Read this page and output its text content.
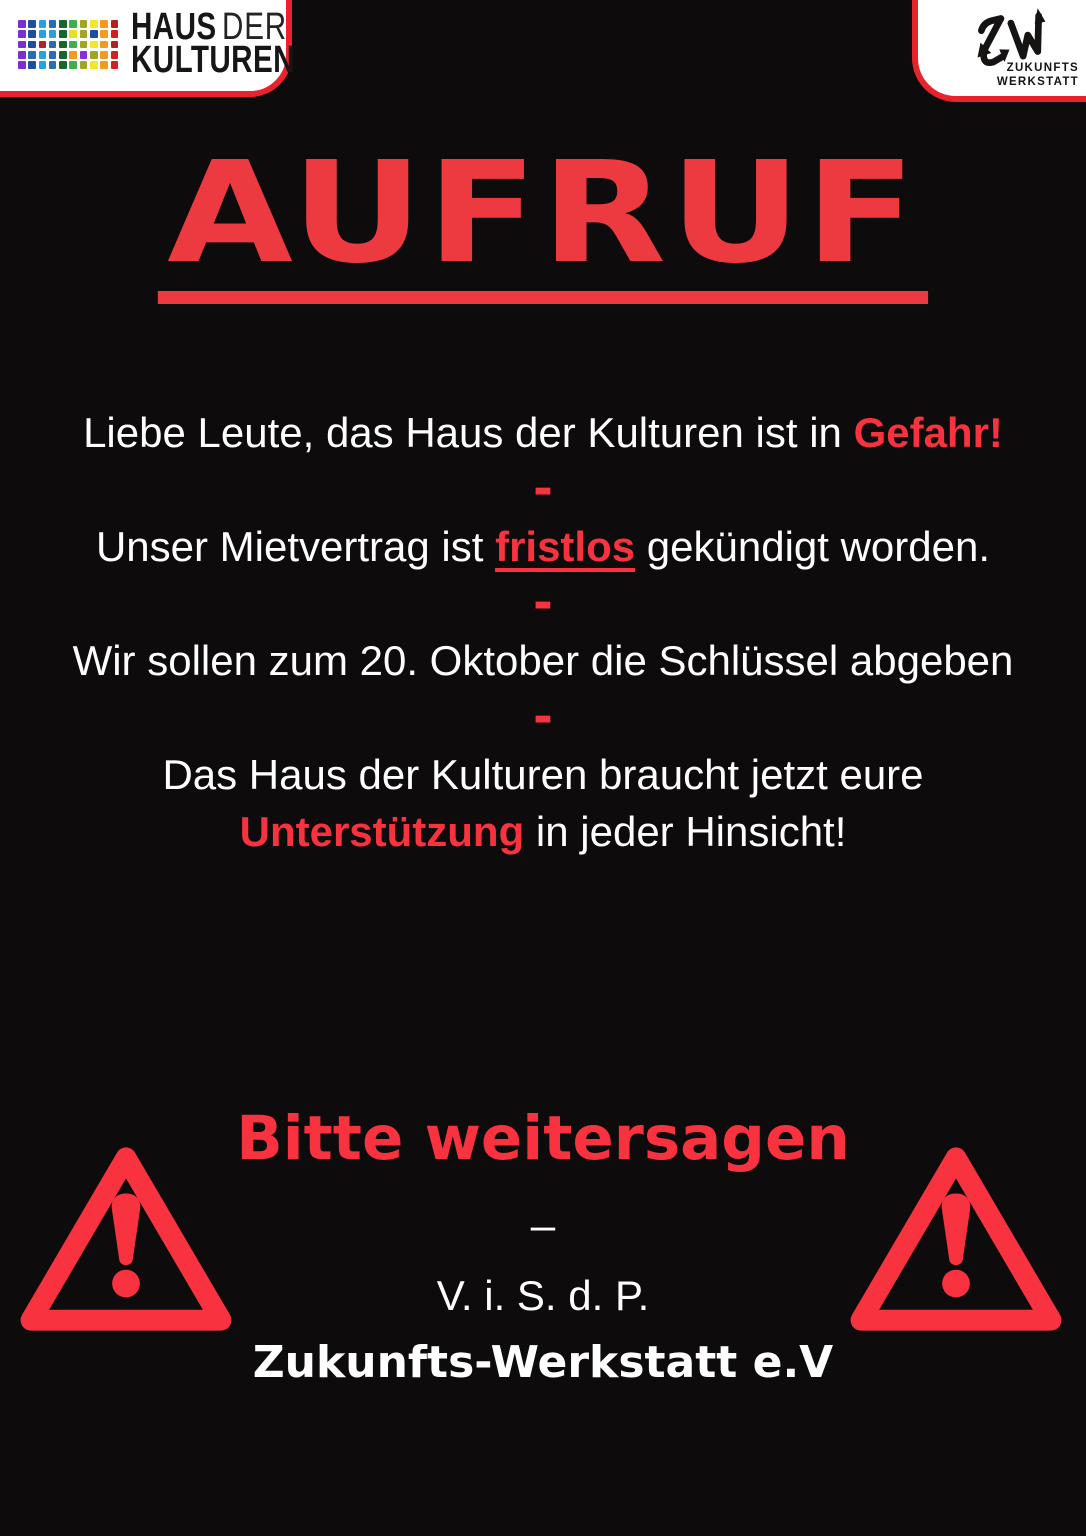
HAUS DER
KULTUREN	ZUKUNFTS
WERKSTATT
AUFRUF

Liebe Leute, das Haus der Kulturen ist in Gefahr!

-

Unser Mietvertrag ist fristlos gekündigt worden.

-

Wir sollen zum 20. Oktober die Schlüssel abgeben

-

Das Haus der Kulturen braucht jetzt eure

Unterstützung in jeder Hinsicht!

Bitte weitersagen
–
V. i. S. d. P.
Zukunfts-Werkstatt e.V
